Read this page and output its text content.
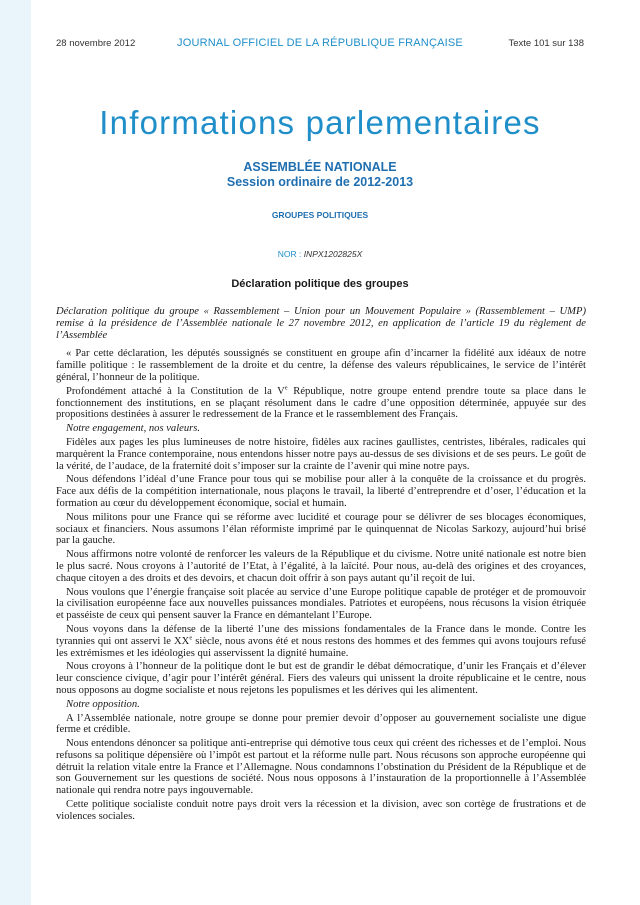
28 novembre 2012	JOURNAL OFFICIEL DE LA RÉPUBLIQUE FRANÇAISE	Texte 101 sur 138
Informations parlementaires
ASSEMBLÉE NATIONALE
Session ordinaire de 2012-2013
GROUPES POLITIQUES
NOR : INPX1202825X
Déclaration politique des groupes

Déclaration politique du groupe « Rassemblement – Union pour un Mouvement Populaire » (Rassemblement – UMP) remise à la présidence de l’Assemblée nationale le 27 novembre 2012, en application de l’article 19 du règlement de l’Assemblée

« Par cette déclaration, les députés soussignés se constituent en groupe afin d’incarner la fidélité aux idéaux de notre famille politique : le rassemblement de la droite et du centre, la défense des valeurs républicaines, le service de l’intérêt général, l’honneur de la politique.

Profondément attaché à la Constitution de la Ve République, notre groupe entend prendre toute sa place dans le fonctionnement des institutions, en se plaçant résolument dans le cadre d’une opposition déterminée, appuyée sur des propositions destinées à assurer le redressement de la France et le rassemblement des Français.

Notre engagement, nos valeurs.

Fidèles aux pages les plus lumineuses de notre histoire, fidèles aux racines gaullistes, centristes, libérales, radicales qui marquèrent la France contemporaine, nous entendons hisser notre pays au-dessus de ses divisions et de ses peurs. Le goût de la vérité, de l’audace, de la fraternité doit s’imposer sur la crainte de l’avenir qui mine notre pays.

Nous défendons l’idéal d’une France pour tous qui se mobilise pour aller à la conquête de la croissance et du progrès. Face aux défis de la compétition internationale, nous plaçons le travail, la liberté d’entreprendre et d’oser, l’éducation et la formation au cœur du développement économique, social et humain.

Nous militons pour une France qui se réforme avec lucidité et courage pour se délivrer de ses blocages économiques, sociaux et financiers. Nous assumons l’élan réformiste imprimé par le quinquennat de Nicolas Sarkozy, aujourd’hui brisé par la gauche.

Nous affirmons notre volonté de renforcer les valeurs de la République et du civisme. Notre unité nationale est notre bien le plus sacré. Nous croyons à l’autorité de l’Etat, à l’égalité, à la laïcité. Pour nous, au-delà des origines et des croyances, chaque citoyen a des droits et des devoirs, et chacun doit offrir à son pays autant qu’il reçoit de lui.

Nous voulons que l’énergie française soit placée au service d’une Europe politique capable de protéger et de promouvoir la civilisation européenne face aux nouvelles puissances mondiales. Patriotes et européens, nous récusons la vision étriquée et passéiste de ceux qui pensent sauver la France en démantelant l’Europe.

Nous voyons dans la défense de la liberté l’une des missions fondamentales de la France dans le monde. Contre les tyrannies qui ont asservi le XXe siècle, nous avons été et nous restons des hommes et des femmes qui avons toujours refusé les extrémismes et les idéologies qui asservissent la dignité humaine.

Nous croyons à l’honneur de la politique dont le but est de grandir le débat démocratique, d’unir les Français et d’élever leur conscience civique, d’agir pour l’intérêt général. Fiers des valeurs qui unissent la droite républicaine et le centre, nous nous opposons au dogme socialiste et nous rejetons les populismes et les dérives qui les alimentent.

Notre opposition.

A l’Assemblée nationale, notre groupe se donne pour premier devoir d’opposer au gouvernement socialiste une digue ferme et crédible.

Nous entendons dénoncer sa politique anti-entreprise qui démotive tous ceux qui créent des richesses et de l’emploi. Nous refusons sa politique dépensière où l’impôt est partout et la réforme nulle part. Nous récusons son approche européenne qui détruit la relation vitale entre la France et l’Allemagne. Nous condamnons l’obstination du Président de la République et de son Gouvernement sur les questions de société. Nous nous opposons à l’instauration de la proportionnelle à l’Assemblée nationale qui rendra notre pays ingouvernable.

Cette politique socialiste conduit notre pays droit vers la récession et la division, avec son cortège de frustrations et de violences sociales.
